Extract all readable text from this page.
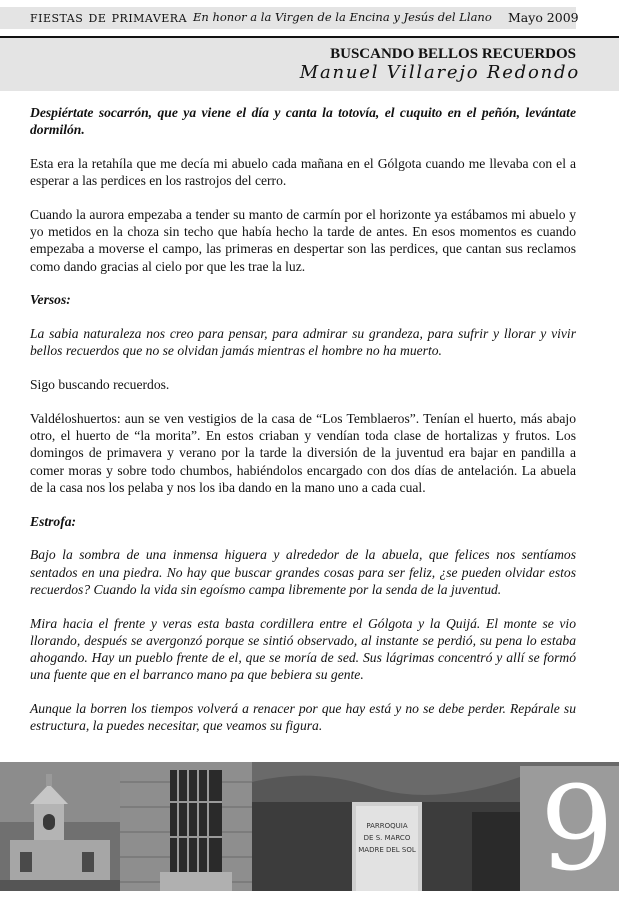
fiestas de primavera En honor a la Virgen de la Encina y Jesús del Llano Mayo 2009
BUSCANDO BELLOS RECUERDOS
Manuel Villarejo Redondo

Despiértate socarrón, que ya viene el día y canta la totovía, el cuquito en el peñón, levántate dormilón.

Esta era la retahíla que me decía mi abuelo cada mañana en el Gólgota cuando me llevaba con el a esperar a las perdices en los rastrojos del cerro.

Cuando la aurora empezaba a tender su manto de carmín por el horizonte ya estábamos mi abuelo y yo metidos en la choza sin techo que había hecho la tarde de antes. En esos momentos es cuando empezaba a moverse el campo, las primeras en despertar son las perdices, que cantan sus reclamos como dando gracias al cielo por que les trae la luz.

Versos:

La sabia naturaleza nos creo para pensar, para admirar su grandeza, para sufrir y llorar y vivir bellos recuerdos que no se olvidan jamás mientras el hombre no ha muerto.

Sigo buscando recuerdos.

Valdéloshuertos: aun se ven vestigios de la casa de “Los Temblaeros”. Tenían el huerto, más abajo otro, el huerto de “la morita”. En estos criaban y vendían toda clase de hortalizas y frutos. Los domingos de primavera y verano por la tarde la diversión de la juventud era bajar en pandilla a comer moras y sobre todo chumbos, habiéndolos encargado con dos días de antelación. La abuela de la casa nos los pelaba y nos los iba dando en la mano uno a cada cual.

Estrofa:

Bajo la sombra de una inmensa higuera y alrededor de la abuela, que felices nos sentíamos sentados en una piedra. No hay que buscar grandes cosas para ser feliz, ¿se pueden olvidar estos recuerdos? Cuando la vida sin egoísmo campa libremente por la senda de la juventud.

Mira hacia el frente y veras esta basta cordillera entre el Gólgota y la Quijá. El monte se vio llorando, después se avergonzó porque se sintió observado, al instante se perdió, su pena lo estaba ahogando. Hay un pueblo frente de el, que se moría de sed. Sus lágrimas concentró y allí se formó una fuente que en el barranco mano pa que bebiera su gente.

Aunque la borren los tiempos volverá a renacer por que hay está y no se debe perder. Repárale su estructura, la puedes necesitar, que veamos su figura.

PARROQUIA
DE S. MARCO
MADRE DEL SOL 9
